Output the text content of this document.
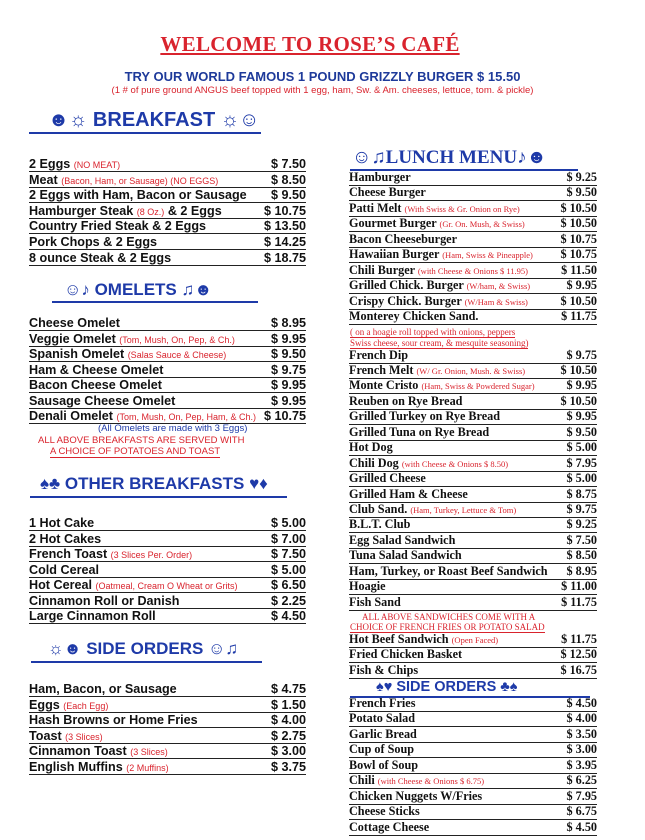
WELCOME TO ROSE’S CAFÉ
TRY OUR WORLD FAMOUS 1 POUND GRIZZLY BURGER $ 15.50
(1 # of pure ground ANGUS beef topped with 1 egg, ham, Sw. & Am. cheeses, lettuce, tom. & pickle)
☻☼ BREAKFAST ☼☺
2 Eggs (NO MEAT)	$ 7.50
Meat (Bacon, Ham, or Sausage) (NO EGGS)	$ 8.50
2 Eggs with Ham, Bacon or Sausage	$ 9.50
Hamburger Steak (8 Oz.) & 2 Eggs	$ 10.75
Country Fried Steak & 2 Eggs	$ 13.50
Pork Chops & 2 Eggs	$ 14.25
8 ounce Steak & 2 Eggs	$ 18.75
☺♪ OMELETS ♫☻
Cheese Omelet	$ 8.95
Veggie Omelet (Tom, Mush, On, Pep, & Ch.)	$ 9.95
Spanish Omelet (Salas Sauce & Cheese)	$ 9.50
Ham & Cheese Omelet	$ 9.75
Bacon Cheese Omelet	$ 9.95
Sausage Cheese Omelet	$ 9.95
Denali Omelet (Tom, Mush, On, Pep, Ham, & Ch.) $ 10.75
(All Omelets are made with 3 Eggs)
ALL ABOVE BREAKFASTS ARE SERVED WITH
A CHOICE OF POTATOES AND TOAST
♠♣ OTHER BREAKFASTS ♥♦
1 Hot Cake	$ 5.00
2 Hot Cakes	$ 7.00
French Toast (3 Slices Per. Order)	$ 7.50
Cold Cereal	$ 5.00
Hot Cereal (Oatmeal, Cream O Wheat or Grits)	$ 6.50
Cinnamon Roll or Danish	$ 2.25
Large Cinnamon Roll	$ 4.50
☼☻ SIDE ORDERS ☺♫
Ham, Bacon, or Sausage	$ 4.75
Eggs (Each Egg)	$ 1.50
Hash Browns or Home Fries	$ 4.00
Toast (3 Slices)	$ 2.75
Cinnamon Toast (3 Slices)	$ 3.00
English Muffins (2 Muffins)	$ 3.75
☺♫LUNCH MENU♪☻
Hamburger	$ 9.25
Cheese Burger	$ 9.50
Patti Melt (With Swiss & Gr. Onion on Rye)	$ 10.50
Gourmet Burger (Gr. On. Mush, & Swiss)	$ 10.50
Bacon Cheeseburger	$ 10.75
Hawaiian Burger (Ham, Swiss & Pineapple)	$ 10.75
Chili Burger (with Cheese & Onions $ 11.95)	$ 11.50
Grilled Chick. Burger (W/ham, & Swiss)	$ 9.95
Crispy Chick. Burger (W/Ham & Swiss)	$ 10.50
Monterey Chicken Sand.	$ 11.75
( on a hoagie roll topped with onions, peppers
Swiss cheese, sour cream, & mesquite seasoning)
French Dip	$ 9.75
French Melt (W/ Gr. Onion, Mush. & Swiss)	$ 10.50
Monte Cristo (Ham, Swiss & Powdered Sugar)	$ 9.95
Reuben on Rye Bread	$ 10.50
Grilled Turkey on Rye Bread	$ 9.95
Grilled Tuna on Rye Bread	$ 9.50
Hot Dog	$ 5.00
Chili Dog (with Cheese & Onions $ 8.50)	$ 7.95
Grilled Cheese	$ 5.00
Grilled Ham & Cheese	$ 8.75
Club Sand. (Ham, Turkey, Lettuce & Tom)	$ 9.75
B.L.T. Club	$ 9.25
Egg Salad Sandwich	$ 7.50
Tuna Salad Sandwich	$ 8.50
Ham, Turkey, or Roast Beef Sandwich	$ 8.95
Hoagie	$ 11.00
Fish Sand	$ 11.75
ALL ABOVE SANDWICHES COME WITH A
CHOICE OF FRENCH FRIES OR POTATO SALAD
Hot Beef Sandwich (Open Faced)	$ 11.75
Fried Chicken Basket	$ 12.50
Fish & Chips	$ 16.75
♠♥ SIDE ORDERS ♣♠
French Fries	$ 4.50
Potato Salad	$ 4.00
Garlic Bread	$ 3.50
Cup of Soup	$ 3.00
Bowl of Soup	$ 3.95
Chili (with Cheese & Onions $ 6.75)	$ 6.25
Chicken Nuggets W/Fries	$ 7.95
Cheese Sticks	$ 6.75
Cottage Cheese	$ 4.50
